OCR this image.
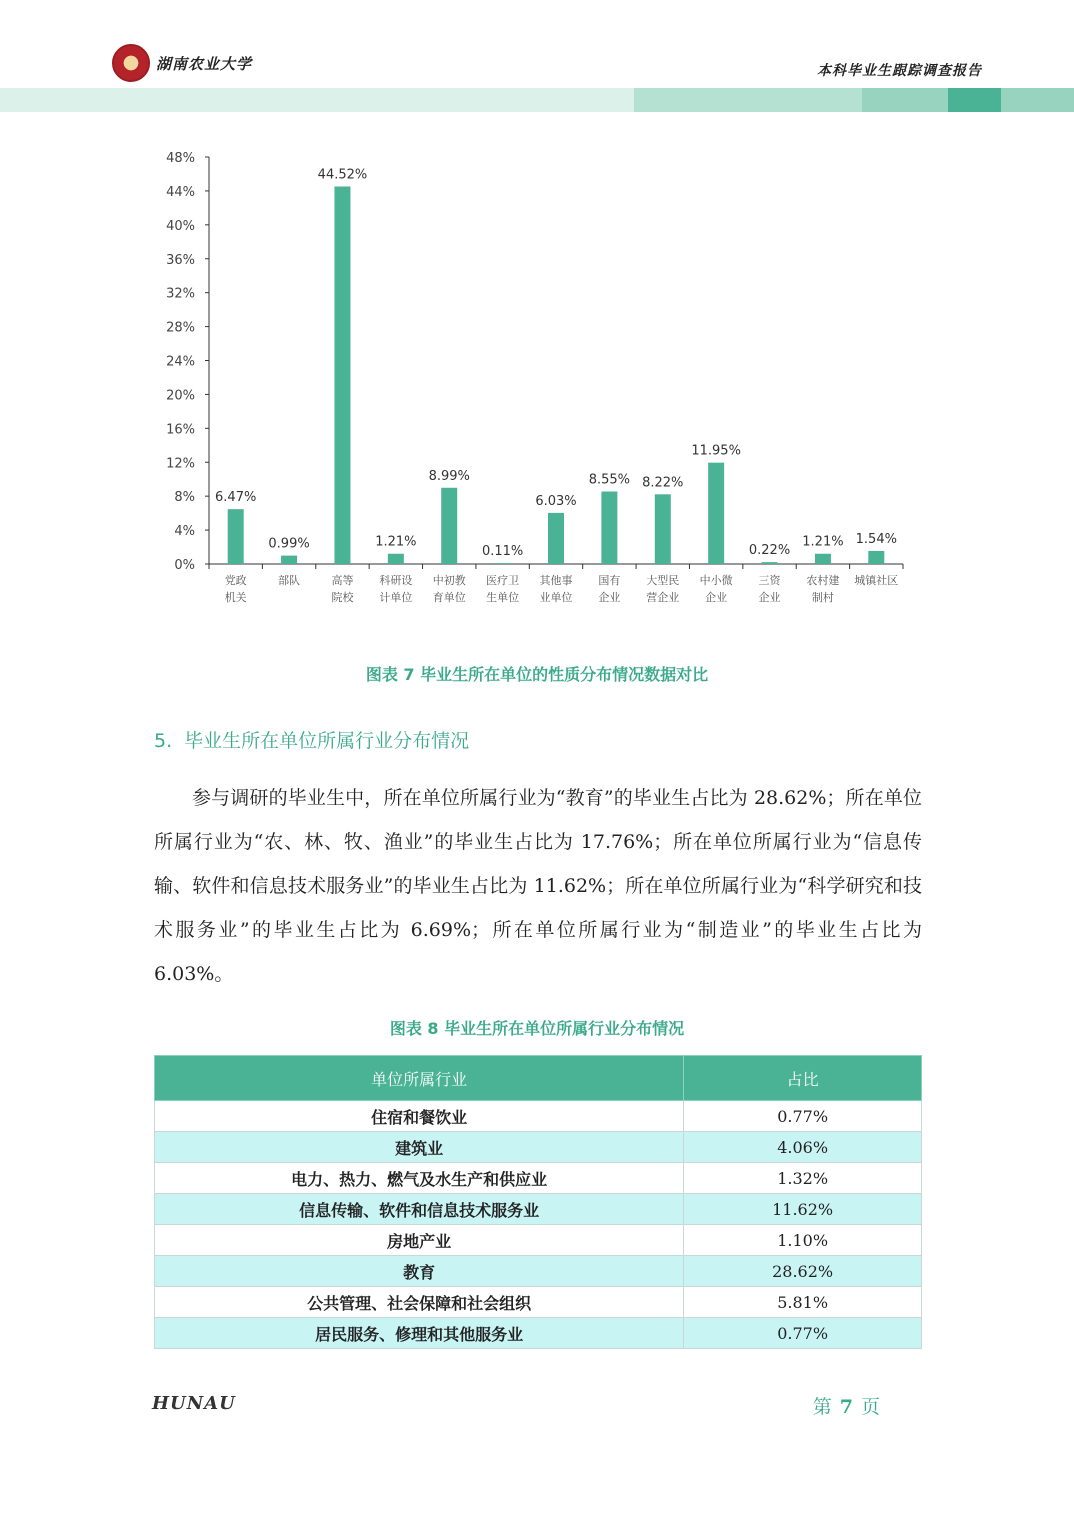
湖南农业大学	本科毕业生跟踪调查报告
0%
4%
8%
12%
16%
20%
24%
28%
32%
36%
40%
44%
48%
6.47%
党政
机关
0.99%
部队
44.52%
高等
院校
1.21%
科研设
计单位
8.99%
中初教
育单位
0.11%
医疗卫
生单位
6.03%
其他事
业单位
8.55%
国有
企业
8.22%
大型民
营企业
11.95%
中小微
企业
0.22%
三资
企业
1.21%
农村建
制村
1.54%
城镇社区
图表 7 毕业生所在单位的性质分布情况数据对比
5. 毕业生所在单位所属行业分布情况

参与调研的毕业生中，所在单位所属行业为“教育”的毕业生占比为 28.62%；所在单位所属行业为“农、林、牧、渔业”的毕业生占比为 17.76%；所在单位所属行业为“信息传输、软件和信息技术服务业”的毕业生占比为 11.62%；所在单位所属行业为“科学研究和技术服务业”的毕业生占比为 6.69%；所在单位所属行业为“制造业”的毕业生占比为 6.03%。

图表 8 毕业生所在单位所属行业分布情况
单位所属行业	占比
住宿和餐饮业	0.77%
建筑业	4.06%
电力、热力、燃气及水生产和供应业	1.32%
信息传输、软件和信息技术服务业	11.62%
房地产业	1.10%
教育	28.62%
公共管理、社会保障和社会组织	5.81%
居民服务、修理和其他服务业	0.77%
HUNAU	第 7 页
